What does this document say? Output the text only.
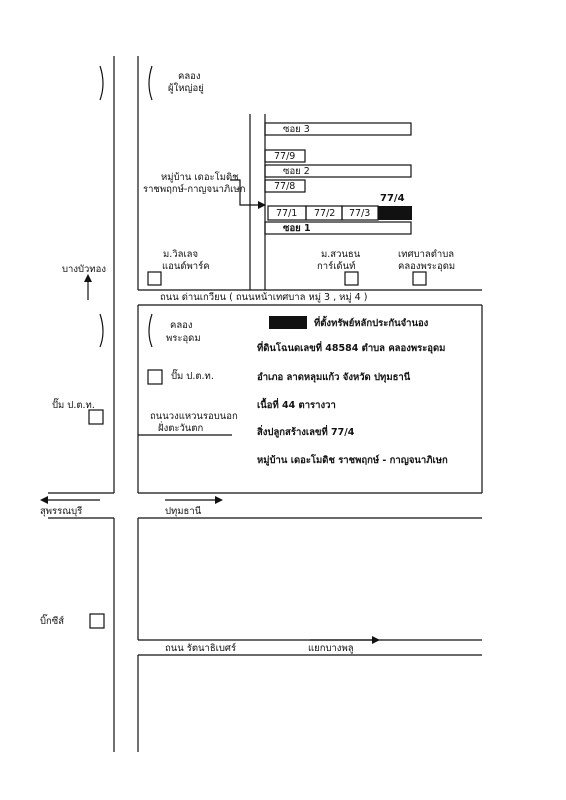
คลอง
ผู้ใหญ่อยู่
ซอย 3
77/9
ซอย 2
77/8
หมู่บ้าน เดอะโมดิช
ราชพฤกษ์-กาญจนาภิเษก
77/4
77/1 77/2 77/3
ซอย 1
ม.วิลเลจ
แอนด์พาร์ค
ม.สวนธน
การ์เด้นท์
เทศบาลตำบล
คลองพระอุดม
บางบัวทอง
ถนน ด่านเกวียน ( ถนนหน้าเทศบาล หมู่ 3 , หมู่ 4 )
คลอง
พระอุดม
ที่ตั้งทรัพย์หลักประกันจำนอง
ที่ดินโฉนดเลขที่ 48584 ตำบล คลองพระอุดม
อำเภอ ลาดหลุมแก้ว จังหวัด ปทุมธานี
เนื้อที่ 44 ตารางวา
สิ่งปลูกสร้างเลขที่ 77/4
หมู่บ้าน เดอะโมดิช ราชพฤกษ์ - กาญจนาภิเษก
ปั๊ม ป.ต.ท.
ปั๊ม ป.ต.ท.
ถนนวงแหวนรอบนอก
ฝั่งตะวันตก
สุพรรณบุรี	ปทุมธานี
บิ๊กซีส์
ถนน รัตนาธิเบศร์	แยกบางพลู
